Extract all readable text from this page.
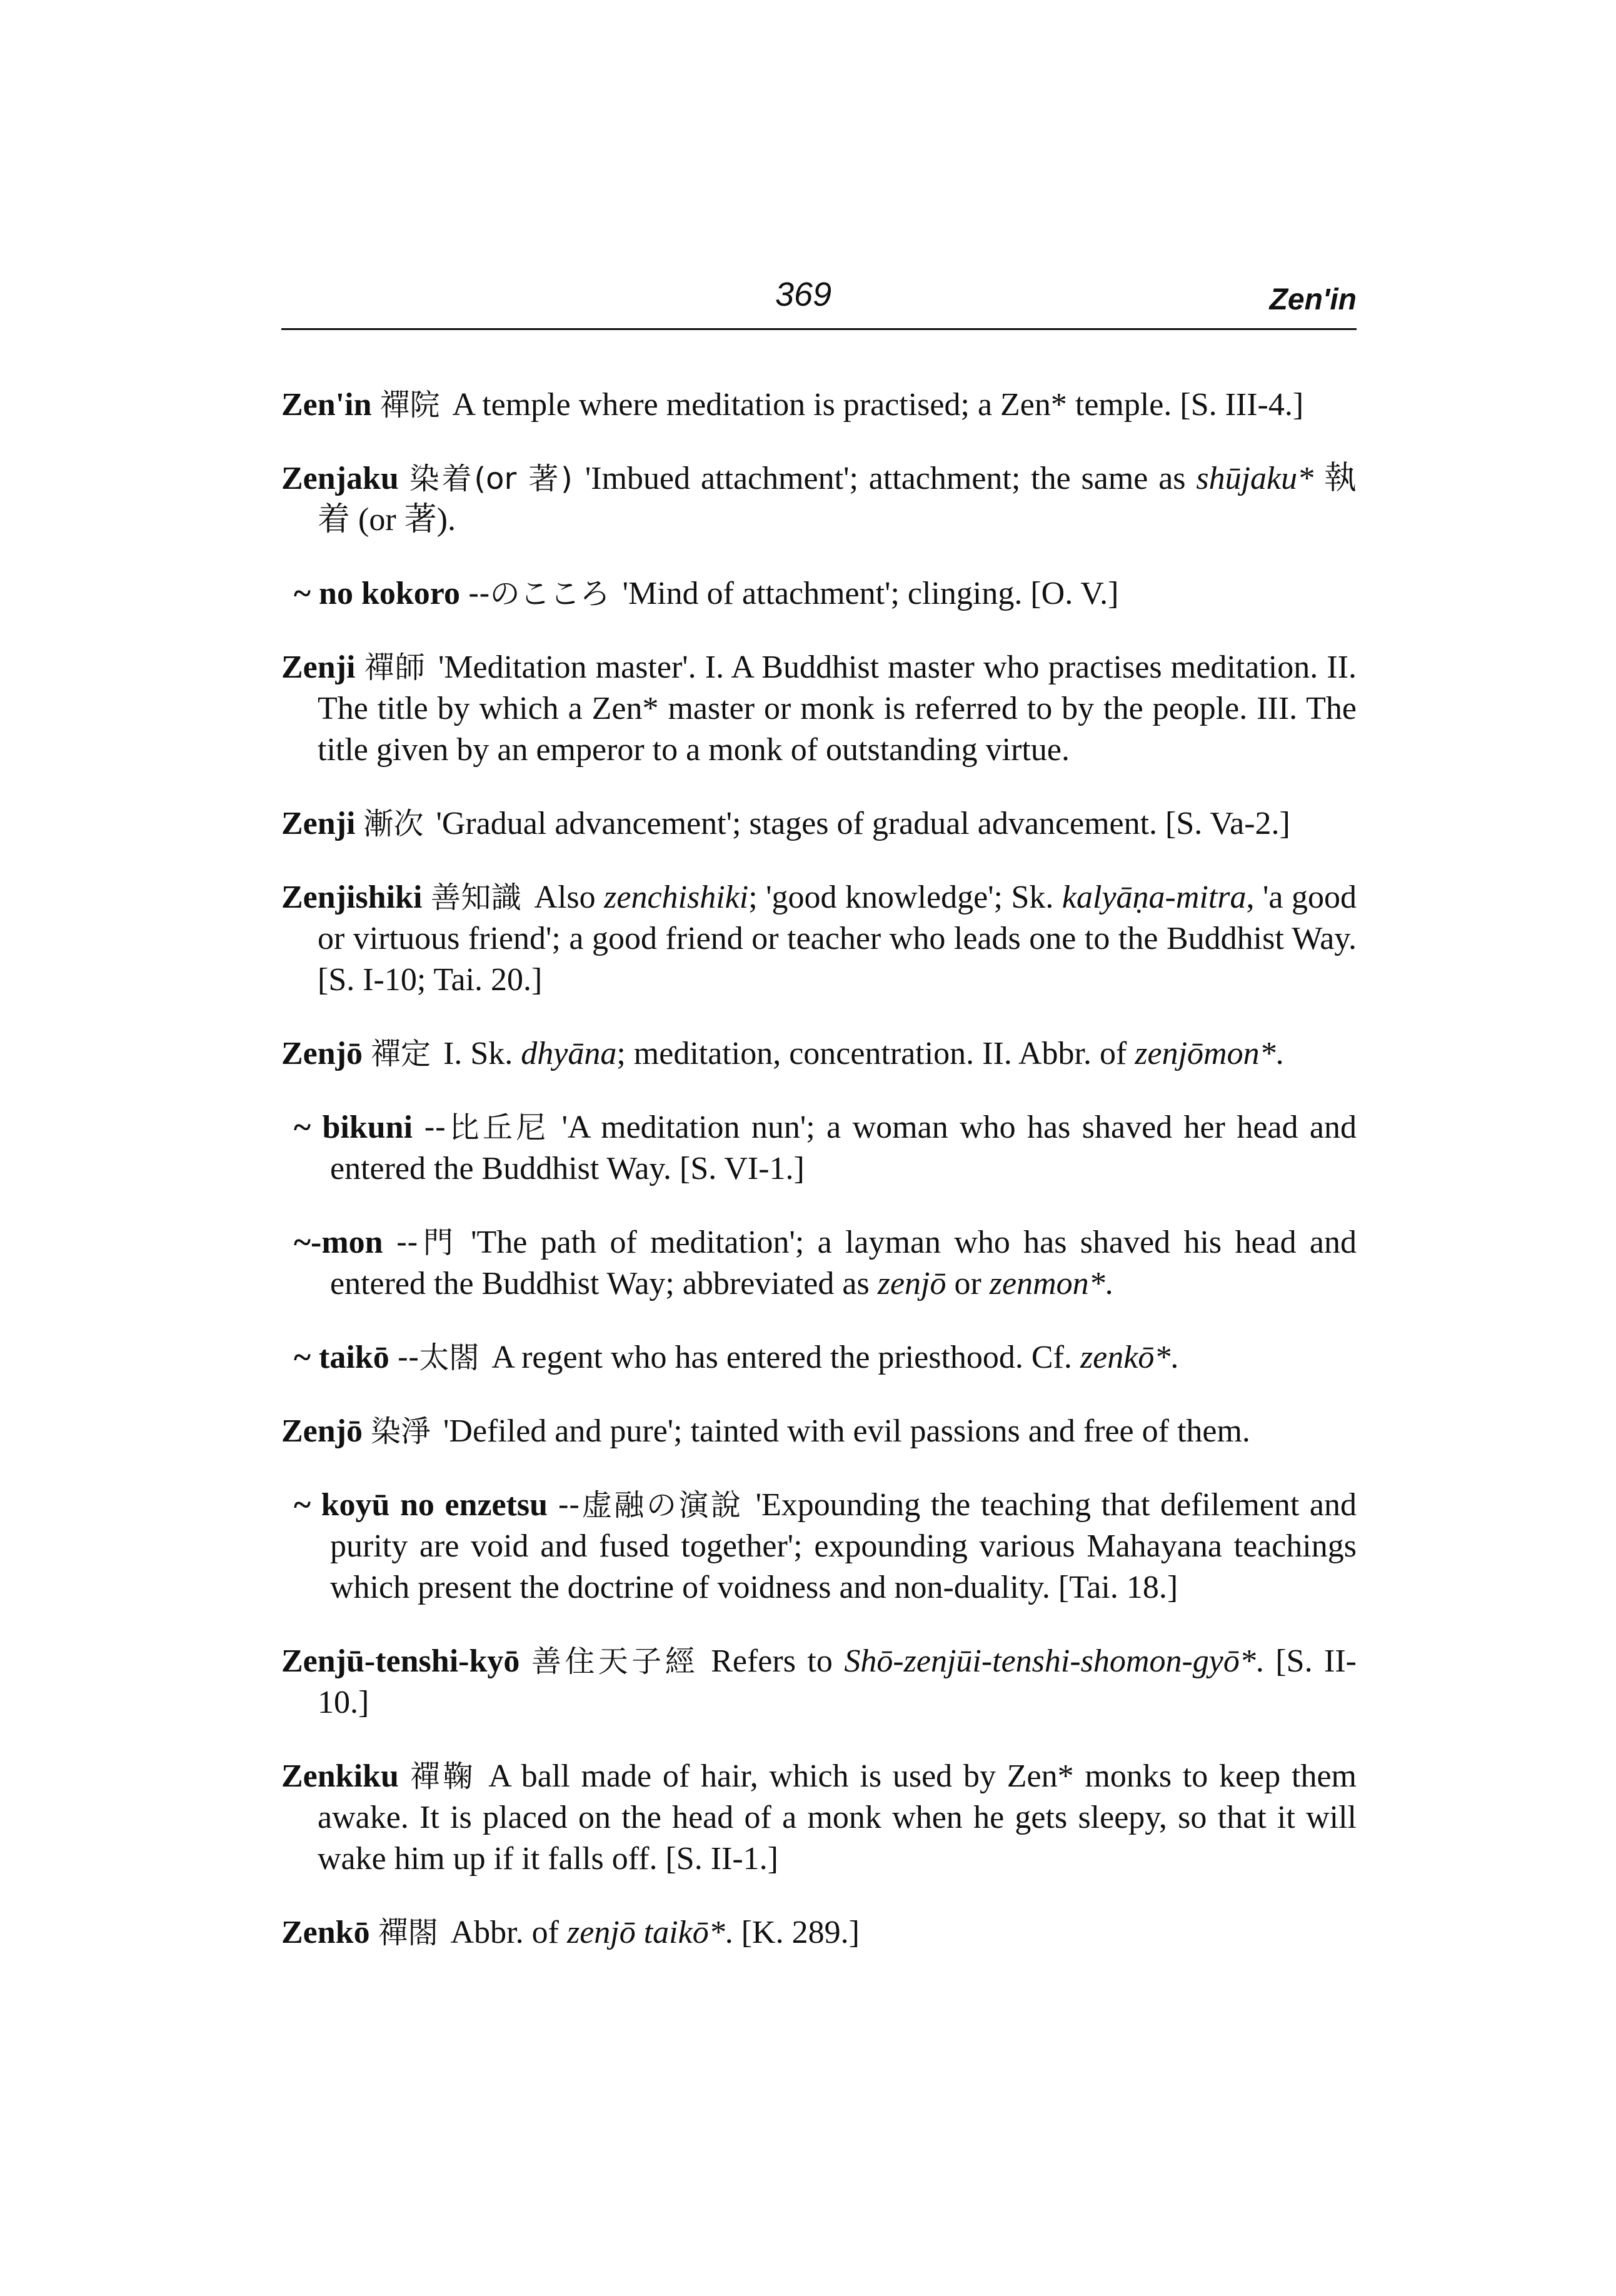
369	Zen'in

Zen'in 禪院 A temple where meditation is practised; a Zen* temple. [S. III-4.]

Zenjaku 染着(or 著) 'Imbued attachment'; attachment; the same as shūjaku* 執着 (or 著).

~ no kokoro --のこころ 'Mind of attachment'; clinging. [O. V.]

Zenji 禪師 'Meditation master'. I. A Buddhist master who practises meditation. II. The title by which a Zen* master or monk is referred to by the people. III. The title given by an emperor to a monk of outstanding virtue.

Zenji 漸次 'Gradual advancement'; stages of gradual advancement. [S. Va-2.]

Zenjishiki 善知識 Also zenchishiki; 'good knowledge'; Sk. kalyāṇa-mitra, 'a good or virtuous friend'; a good friend or teacher who leads one to the Buddhist Way. [S. I-10; Tai. 20.]

Zenjō 禪定 I. Sk. dhyāna; meditation, concentration. II. Abbr. of zenjōmon*.

~ bikuni --比丘尼 'A meditation nun'; a woman who has shaved her head and entered the Buddhist Way. [S. VI-1.]

~-mon --門 'The path of meditation'; a layman who has shaved his head and entered the Buddhist Way; abbreviated as zenjō or zenmon*.

~ taikō --太閤 A regent who has entered the priesthood. Cf. zenkō*.

Zenjō 染淨 'Defiled and pure'; tainted with evil passions and free of them.

~ koyū no enzetsu --虚融の演說 'Expounding the teaching that defilement and purity are void and fused together'; expounding various Mahayana teachings which present the doctrine of voidness and non-duality. [Tai. 18.]

Zenjū-tenshi-kyō 善住天子經 Refers to Shō-zenjūi-tenshi-shomon-gyō*. [S. II-10.]

Zenkiku 禪鞠 A ball made of hair, which is used by Zen* monks to keep them awake. It is placed on the head of a monk when he gets sleepy, so that it will wake him up if it falls off. [S. II-1.]

Zenkō 禪閤 Abbr. of zenjō taikō*. [K. 289.]
